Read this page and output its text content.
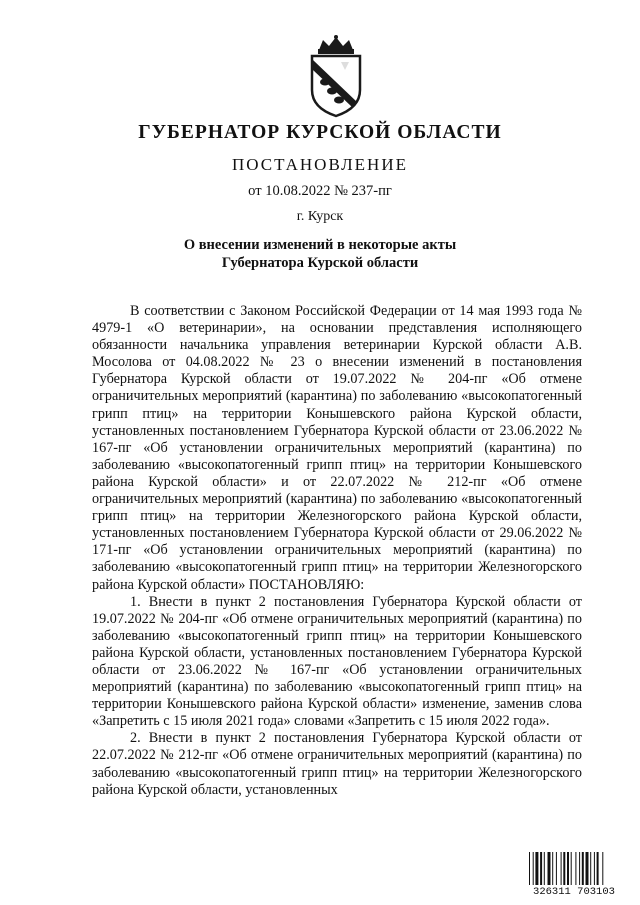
ГУБЕРНАТОР КУРСКОЙ ОБЛАСТИ
ПОСТАНОВЛЕНИЕ
от 10.08.2022 № 237-пг
г. Курск
О внесении изменений в некоторые акты
Губернатора Курской области

В соответствии с Законом Российской Федерации от 14 мая 1993 года № 4979-1 «О ветеринарии», на основании представления исполняющего обязанности начальника управления ветеринарии Курской области А.В. Мосолова от 04.08.2022 № 23 о внесении изменений в постановления Губернатора Курской области от 19.07.2022 № 204-пг «Об отмене ограничительных мероприятий (карантина) по заболеванию «высокопатогенный грипп птиц» на территории Конышевского района Курской области, установленных постановлением Губернатора Курской области от 23.06.2022 № 167-пг «Об установлении ограничительных мероприятий (карантина) по заболеванию «высокопатогенный грипп птиц» на территории Конышевского района Курской области» и от 22.07.2022 № 212-пг «Об отмене ограничительных мероприятий (карантина) по заболеванию «высокопатогенный грипп птиц» на территории Железногорского района Курской области, установленных постановлением Губернатора Курской области от 29.06.2022 № 171-пг «Об установлении ограничительных мероприятий (карантина) по заболеванию «высокопатогенный грипп птиц» на территории Железногорского района Курской области» ПОСТАНОВЛЯЮ:

1. Внести в пункт 2 постановления Губернатора Курской области от 19.07.2022 № 204-пг «Об отмене ограничительных мероприятий (карантина) по заболеванию «высокопатогенный грипп птиц» на территории Конышевского района Курской области, установленных постановлением Губернатора Курской области от 23.06.2022 № 167-пг «Об установлении ограничительных мероприятий (карантина) по заболеванию «высокопатогенный грипп птиц» на территории Конышевского района Курской области» изменение, заменив слова «Запретить с 15 июля 2021 года» словами «Запретить с 15 июля 2022 года».

2. Внести в пункт 2 постановления Губернатора Курской области от 22.07.2022 № 212-пг «Об отмене ограничительных мероприятий (карантина) по заболеванию «высокопатогенный грипп птиц» на территории Железногорского района Курской области, установленных

326311 703103
